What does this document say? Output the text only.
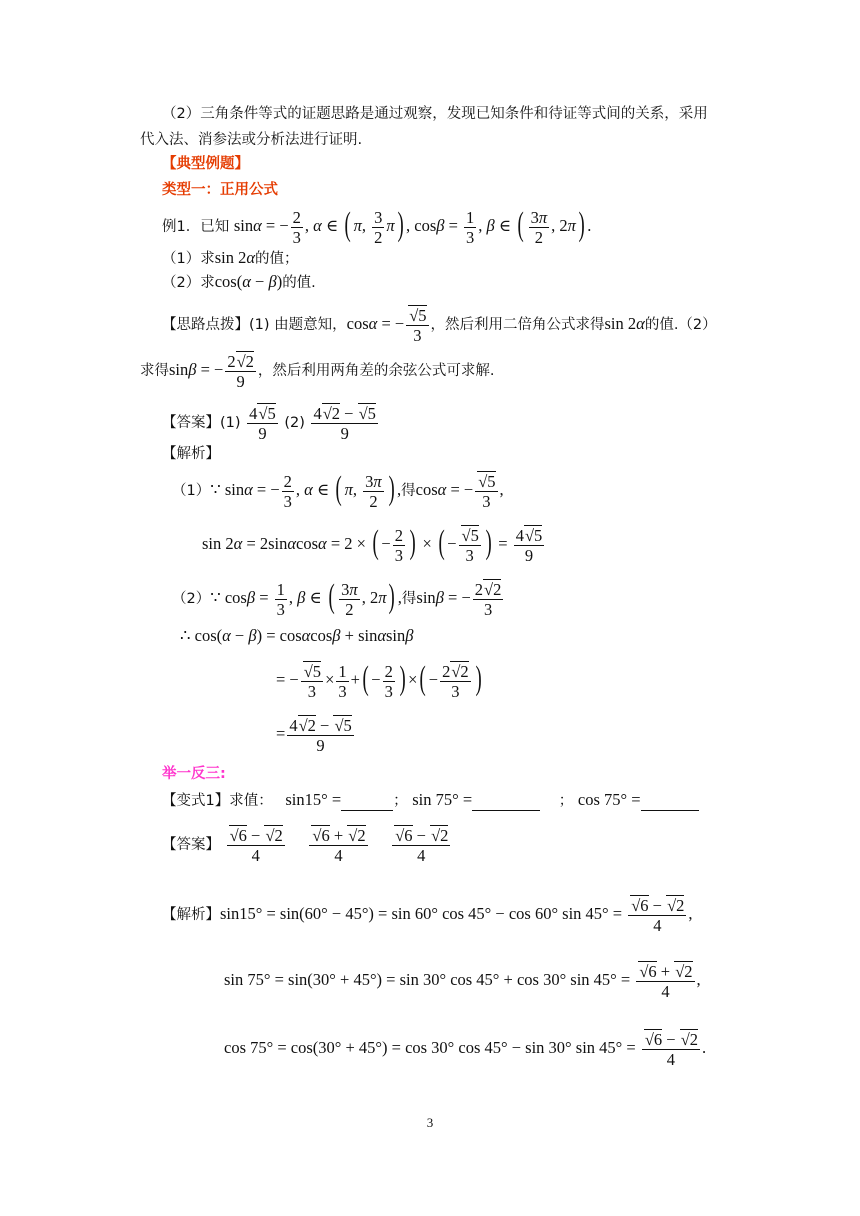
（2）三角条件等式的证题思路是通过观察，发现已知条件和待证等式间的关系，采用
代入法、消参法或分析法进行证明.
【典型例题】
类型一：正用公式
例1．已知 sinα = − $\frac{2}{3}$ , α ∈ ( π, $\frac{3}{2} \pi$) , $\cos\beta = \frac{1}{3}$ , β ∈ ( $\frac{3\pi}{2}$ , 2π) .
（1）求sin 2α的值；
（2）求cos(α − β)的值.
【思路点拨】(1) 由题意知，cosα = − $\frac{√5}{3}$ ，然后利用二倍角公式求得sin 2α的值.（2）
求得sinβ = − $\frac{2√2}{9}$ ，然后利用两角差的余弦公式可求解.
【答案】$(1) \frac{4√5}{9} (2) \frac{4√2 - √5}{9}$
【解析】
（1）∵ sinα = − $\frac{2}{3}$ , α ∈ ( π, $\frac{3\pi}{2}$ ) ,得cosα = − $\frac{√5}{3}$ ,
sin 2α = 2sinαcosα = 2 × ( − $\frac{2}{3}$ ) × ( − $\frac{√5}{3}$ ) = $\frac{4√5}{9}$
（2）∵ $\cos\beta = \frac{1}{3}$ , β ∈ ( $\frac{3\pi}{2}$ , 2π) ,得sinβ = − $\frac{2√2}{3}$
∴ cos(α − β) = cosαcosβ + sinαsinβ
= − $\frac{√5}{3} \times \frac{1}{3}$ +( − $\frac{2}{3}$ ) ×( − $\frac{2√2}{3}$ )
= $\frac{4√2 - √5}{9}$
举一反三:
【变式1】求值： sin15° =	； sin 75° =	； cos 75° =
【答案】 $\frac{√6 - √2}{4}$
$\frac{√6 + √2}{4}$
$\frac{√6 - √2}{4}$
【解析】sin15° = sin(60° − 45°) = sin 60° cos 45° − cos 60° $\sin 45^\circ = \frac{√6 - √2}{4}$ ,
sin 75° = sin(30° + 45°) = sin 30° cos 45° + cos 30° $\sin 45^\circ = \frac{√6 + √2}{4}$ ,
cos 75° = cos(30° + 45°) = cos 30° cos 45° − sin 30° $\sin 45^\circ = \frac{√6 - √2}{4}$ .
3
